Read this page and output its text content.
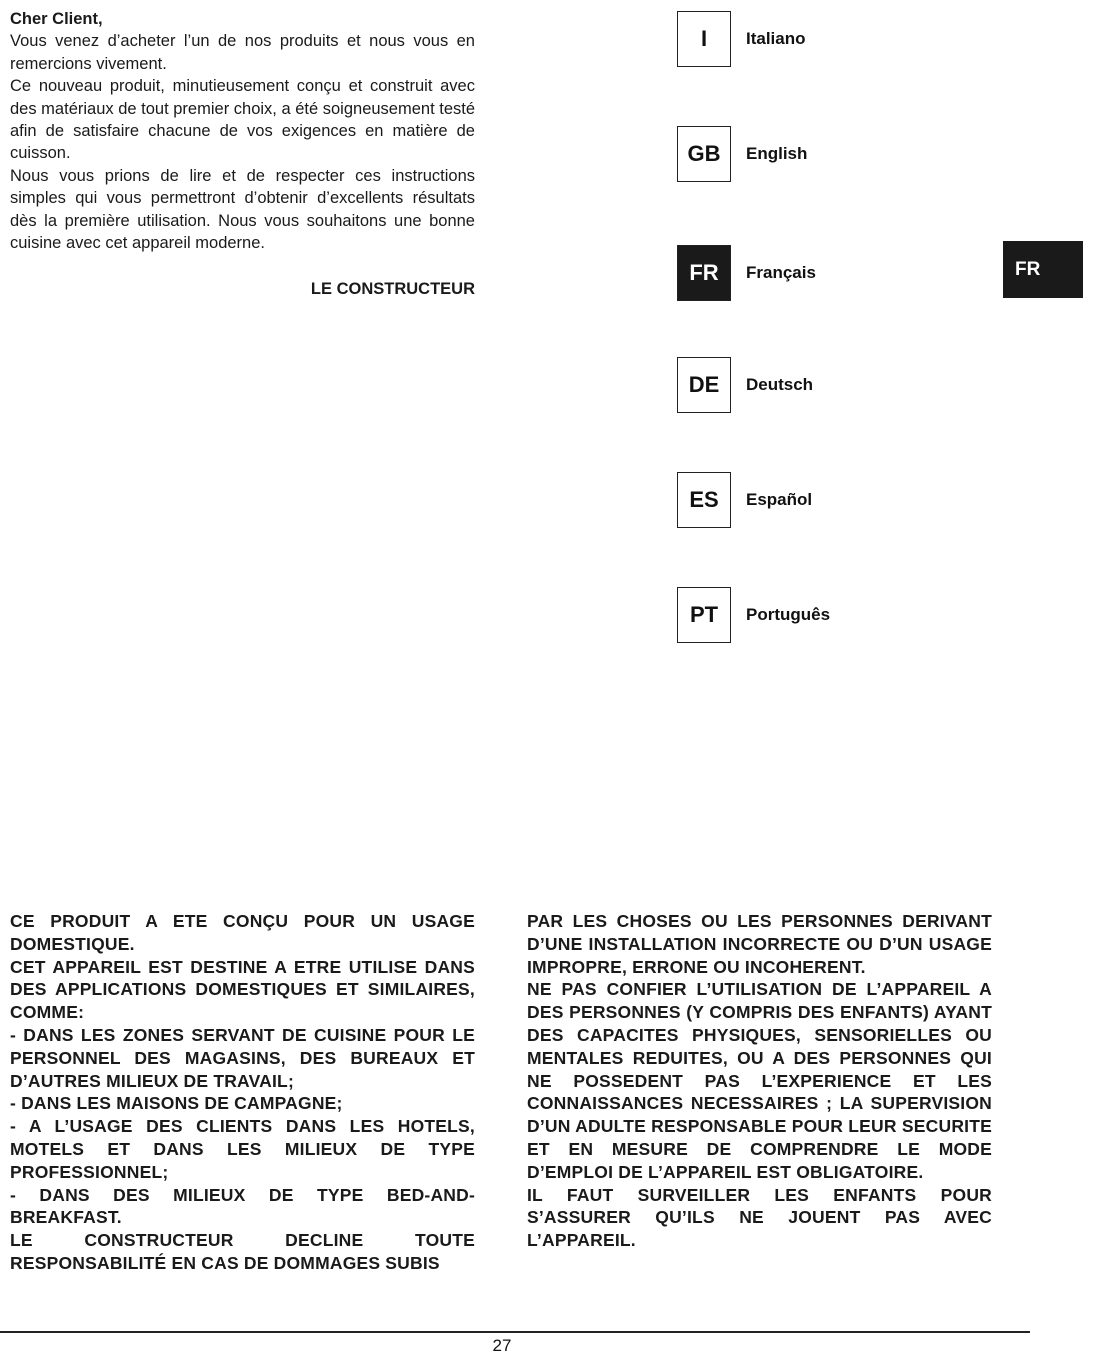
Cher Client,

Vous venez d’acheter l’un de nos produits et nous vous en remercions vivement.

Ce nouveau produit, minutieusement conçu et construit avec des matériaux de tout premier choix, a été soigneusement testé afin de satisfaire chacune de vos exigences en matière de cuisson.

Nous vous prions de lire et de respecter ces instructions simples qui vous permettront d’obtenir d’excellents résultats dès la première utilisation. Nous vous souhaitons une bonne cuisine avec cet appareil moderne.

LE CONSTRUCTEUR

I	Italiano
GB	English
FR	Français
DE	Deutsch
ES	Español
PT	Português
FR

CE PRODUIT A ETE CONÇU POUR UN USAGE DOMESTIQUE.

CET APPAREIL EST DESTINE A ETRE UTILISE DANS DES APPLICATIONS DOMESTIQUES ET SIMILAIRES, COMME:

- DANS LES ZONES SERVANT DE CUISINE POUR LE PERSONNEL DES MAGASINS, DES BUREAUX ET D’AUTRES MILIEUX DE TRAVAIL;

- DANS LES MAISONS DE CAMPAGNE;

- A L’USAGE DES CLIENTS DANS LES HOTELS, MOTELS ET DANS LES MILIEUX DE TYPE PROFESSIONNEL;

- DANS DES MILIEUX DE TYPE BED-AND-BREAKFAST.

LE CONSTRUCTEUR DECLINE TOUTE RESPONSABILITÉ EN CAS DE DOMMAGES SUBIS

PAR LES CHOSES OU LES PERSONNES DERIVANT D’UNE INSTALLATION INCORRECTE OU D’UN USAGE IMPROPRE, ERRONE OU INCOHERENT.

NE PAS CONFIER L’UTILISATION DE L’APPAREIL A DES PERSONNES (Y COMPRIS DES ENFANTS) AYANT DES CAPACITES PHYSIQUES, SENSORIELLES OU MENTALES REDUITES, OU A DES PERSONNES QUI NE POSSEDENT PAS L’EXPERIENCE ET LES CONNAISSANCES NECESSAIRES ; LA SUPERVISION D’UN ADULTE RESPONSABLE POUR LEUR SECURITE ET EN MESURE DE COMPRENDRE LE MODE D’EMPLOI DE L’APPAREIL EST OBLIGATOIRE.

IL FAUT SURVEILLER LES ENFANTS POUR S’ASSURER QU’ILS NE JOUENT PAS AVEC L’APPAREIL.

27
